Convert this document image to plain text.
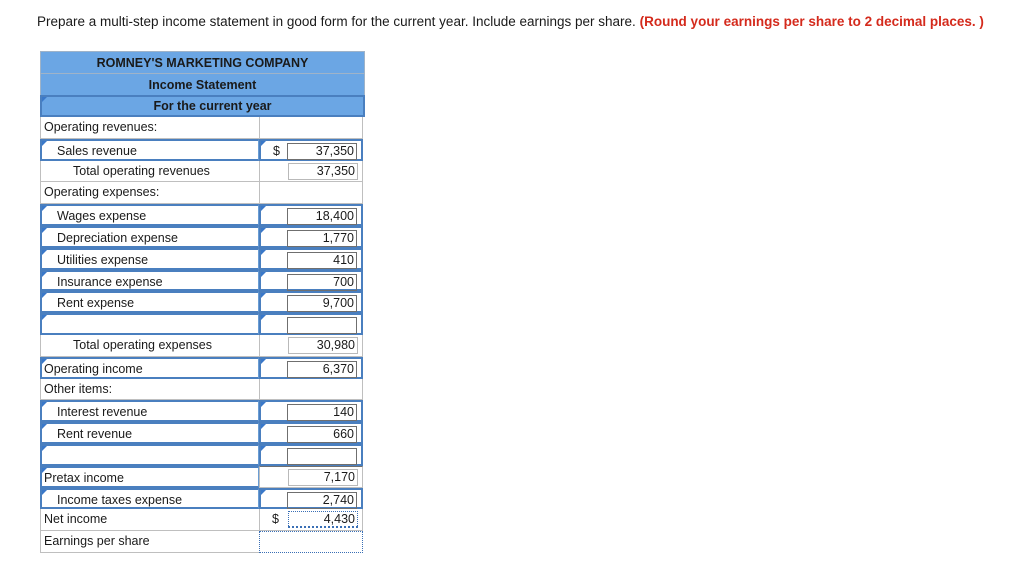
Prepare a multi-step income statement in good form for the current year. Include earnings per share. (Round your earnings per share to 2 decimal places. )
ROMNEY'S MARKETING COMPANY
Income Statement
For the current year
Operating revenues:
Sales revenue	$	37,350
Total operating revenues	37,350
Operating expenses:
Wages expense	18,400
Depreciation expense	1,770
Utilities expense	410
Insurance expense	700
Rent expense	9,700
Total operating expenses	30,980
Operating income	6,370
Other items:
Interest revenue	140
Rent revenue	660
Pretax income	7,170
Income taxes expense	2,740
Net income	$	4,430
Earnings per share
